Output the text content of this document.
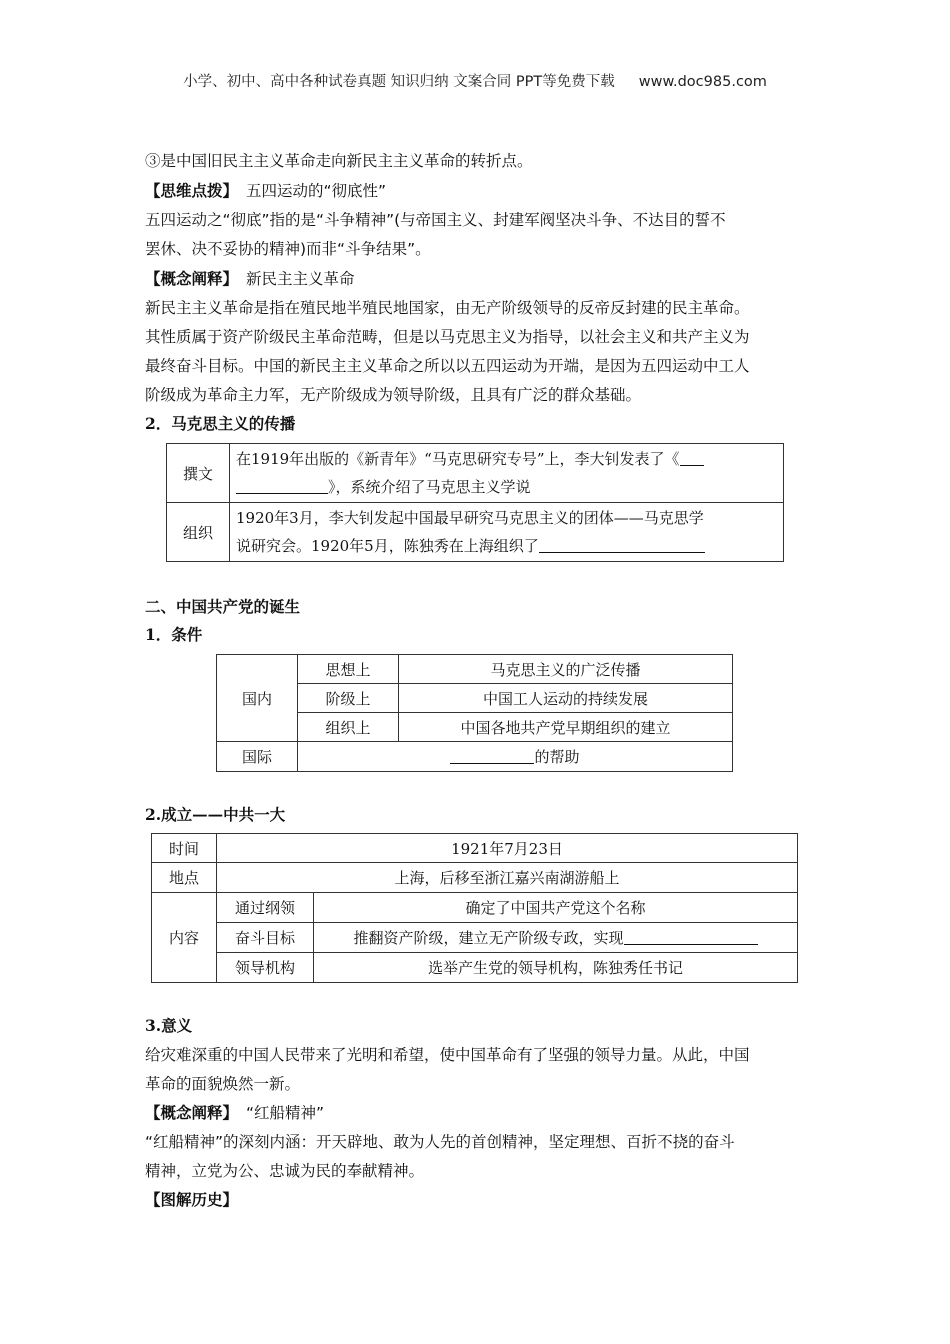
小学、初中、高中各种试卷真题 知识归纳 文案合同 PPT等免费下载 www.doc985.com
③是中国旧民主主义革命走向新民主主义革命的转折点。
【思维点拨】 五四运动的“彻底性”
五四运动之“彻底”指的是“斗争精神”(与帝国主义、封建军阀坚决斗争、不达目的誓不
罢休、决不妥协的精神)而非“斗争结果”。
【概念阐释】 新民主主义革命
新民主主义革命是指在殖民地半殖民地国家，由无产阶级领导的反帝反封建的民主革命。
其性质属于资产阶级民主革命范畴，但是以马克思主义为指导，以社会主义和共产主义为
最终奋斗目标。中国的新民主主义革命之所以以五四运动为开端，是因为五四运动中工人
阶级成为革命主力军，无产阶级成为领导阶级，且具有广泛的群众基础。
2．马克思主义的传播
撰文	在1919年出版的《新青年》“马克思研究专号”上，李大钊发表了《
》，系统介绍了马克思主义学说
组织	1920年3月，李大钊发起中国最早研究马克思主义的团体——马克思学
说研究会。1920年5月，陈独秀在上海组织了
二、中国共产党的诞生
1．条件
国内	思想上	马克思主义的广泛传播
	阶级上	中国工人运动的持续发展
	组织上	中国各地共产党早期组织的建立
国际	的帮助	
2.成立——中共一大
时间	1921年7月23日	
地点	上海，后移至浙江嘉兴南湖游船上	
内容	通过纲领	确定了中国共产党这个名称
	奋斗目标	推翻资产阶级，建立无产阶级专政，实现
	领导机构	选举产生党的领导机构，陈独秀任书记
3.意义
给灾难深重的中国人民带来了光明和希望，使中国革命有了坚强的领导力量。从此，中国
革命的面貌焕然一新。
【概念阐释】 “红船精神”
“红船精神”的深刻内涵：开天辟地、敢为人先的首创精神，坚定理想、百折不挠的奋斗
精神，立党为公、忠诚为民的奉献精神。
【图解历史】
